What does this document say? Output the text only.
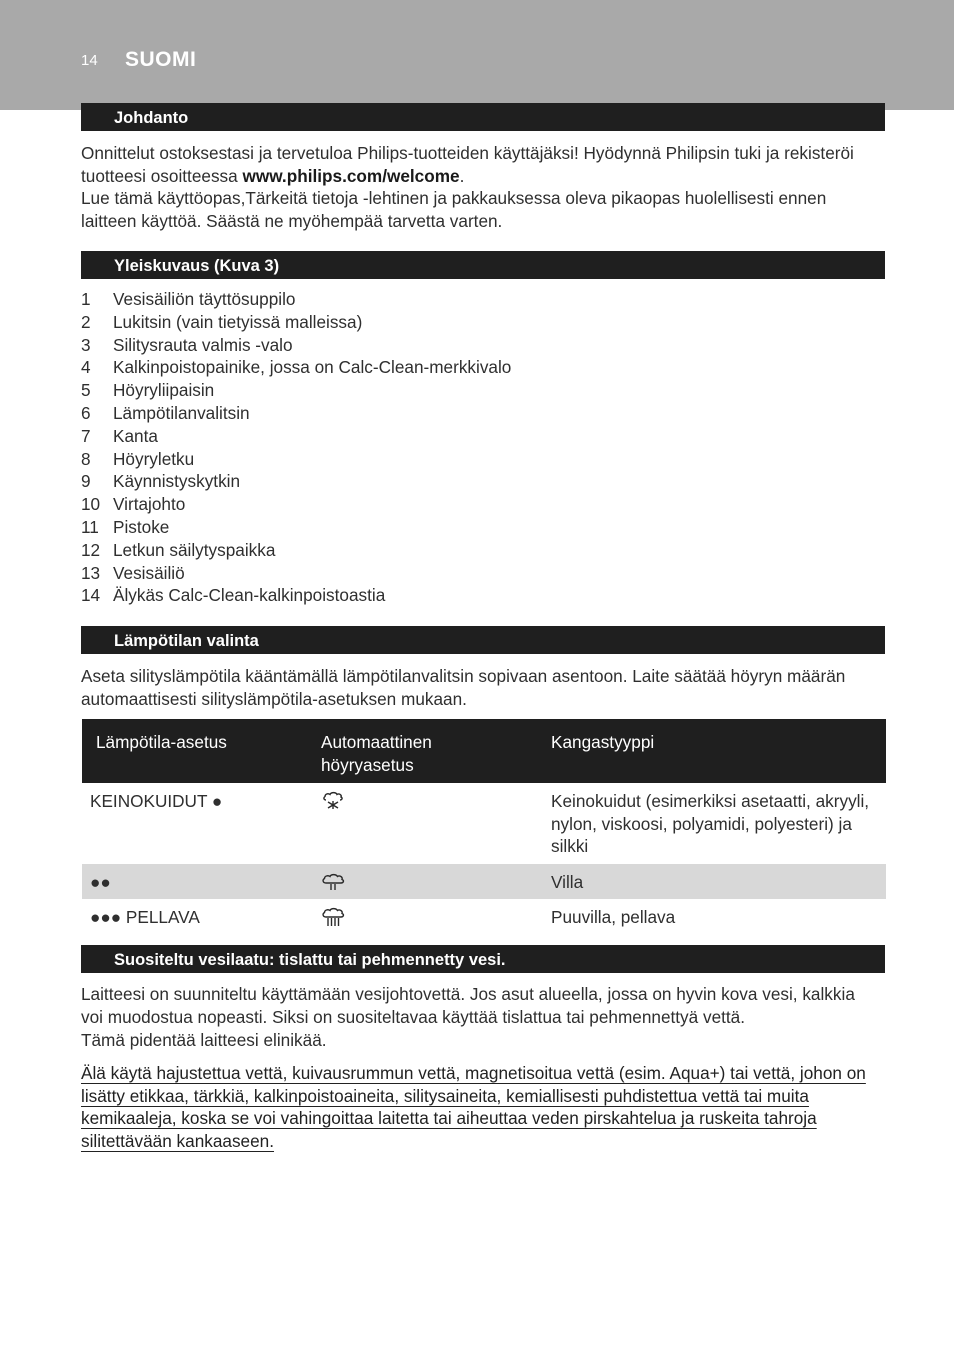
14 SUOMI
Johdanto

Onnittelut ostoksestasi ja tervetuloa Philips-tuotteiden käyttäjäksi! Hyödynnä Philipsin tuki ja rekisteröi tuotteesi osoitteessa www.philips.com/welcome.

Lue tämä käyttöopas,Tärkeitä tietoja -lehtinen ja pakkauksessa oleva pikaopas huolellisesti ennen laitteen käyttöä. Säästä ne myöhempää tarvetta varten.

Yleiskuvaus (Kuva 3)
1	Vesisäiliön täyttösuppilo
2	Lukitsin (vain tietyissä malleissa)
3	Silitysrauta valmis -valo
4	Kalkinpoistopainike, jossa on Calc-Clean-merkkivalo
5	Höyryliipaisin
6	Lämpötilanvalitsin
7	Kanta
8	Höyryletku
9	Käynnistyskytkin
10 Virtajohto
11 Pistoke
12 Letkun säilytyspaikka
13 Vesisäiliö
14 Älykäs Calc-Clean-kalkinpoistoastia
Lämpötilan valinta

Aseta silityslämpötila kääntämällä lämpötilanvalitsin sopivaan asentoon. Laite säätää höyryn määrän automaattisesti silityslämpötila-asetuksen mukaan.

Lämpötila-asetus	Automaattinen höyryasetus	Kangastyyppi
KEINOKUIDUT ●		Keinokuidut (esimerkiksi asetaatti, akryyli, nylon, viskoosi, polyamidi, polyesteri) ja silkki
●●		Villa
●●● PELLAVA		Puuvilla, pellava
Suositeltu vesilaatu: tislattu tai pehmennetty vesi.

Laitteesi on suunniteltu käyttämään vesijohtovettä. Jos asut alueella, jossa on hyvin kova vesi, kalkkia voi muodostua nopeasti. Siksi on suositeltavaa käyttää tislattua tai pehmennettyä vettä.

Tämä pidentää laitteesi elinikää.

Älä käytä hajustettua vettä, kuivausrummun vettä, magnetisoitua vettä (esim. Aqua+) tai vettä, johon on lisätty etikkaa, tärkkiä, kalkinpoistoaineita, silitysaineita, kemiallisesti puhdistettua vettä tai muita kemikaaleja, koska se voi vahingoittaa laitetta tai aiheuttaa veden pirskahtelua ja ruskeita tahroja silitettävään kankaaseen.
